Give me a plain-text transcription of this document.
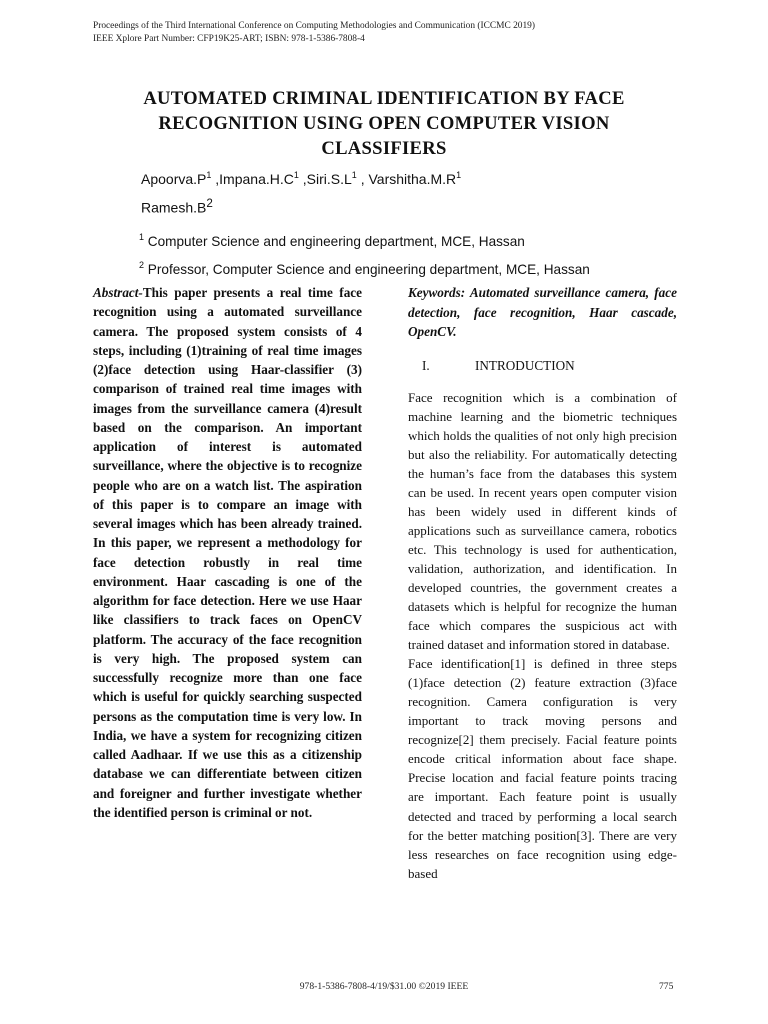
Proceedings of the Third International Conference on Computing Methodologies and Communication (ICCMC 2019)
IEEE Xplore Part Number: CFP19K25-ART; ISBN: 978-1-5386-7808-4
AUTOMATED CRIMINAL IDENTIFICATION BY FACE
RECOGNITION USING OPEN COMPUTER VISION
CLASSIFIERS
$Apoorva.P^1$ $,Impana.H.C^1$ $,Siri.S.L^1$ , $Varshitha.M.R^1$
$Ramesh.B^2$
$^1$ Computer Science and engineering department, MCE, Hassan
$^2$ Professor, Computer Science and engineering department, MCE, Hassan

Abstract-This paper presents a real time face recognition using a automated surveillance camera. The proposed system consists of 4 steps, including (1)training of real time images (2)face detection using Haar-classifier (3) comparison of trained real time images with images from the surveillance camera (4)result based on the comparison. An important application of interest is automated surveillance, where the objective is to recognize people who are on a watch list. The aspiration of this paper is to compare an image with several images which has been already trained. In this paper, we represent a methodology for face detection robustly in real time environment. Haar cascading is one of the algorithm for face detection. Here we use Haar like classifiers to track faces on OpenCV platform. The accuracy of the face recognition is very high. The proposed system can successfully recognize more than one face which is useful for quickly searching suspected persons as the computation time is very low. In India, we have a system for recognizing citizen called Aadhaar. If we use this as a citizenship database we can differentiate between citizen and foreigner and further investigate whether the identified person is criminal or not.

Keywords: Automated surveillance camera, face detection, face recognition, Haar cascade, OpenCV.

I.	INTRODUCTION

Face recognition which is a combination of machine learning and the biometric techniques which holds the qualities of not only high precision but also the reliability. For automatically detecting the human’s face from the databases this system can be used. In recent years open computer vision has been widely used in different kinds of applications such as surveillance camera, robotics etc. This technology is used for authentication, validation, authorization, and identification. In developed countries, the government creates a datasets which is helpful for recognize the human face which compares the suspicious act with trained dataset and information stored in database.

Face identification[1] is defined in three steps (1)face detection (2) feature extraction (3)face recognition. Camera configuration is very important to track moving persons and recognize[2] them precisely. Facial feature points encode critical information about face shape. Precise location and facial feature points tracing are important. Each feature point is usually detected and traced by performing a local search for the better matching position[3]. There are very less researches on face recognition using edge-based

978-1-5386-7808-4/19/$31.00 ©2019 IEEE	775
